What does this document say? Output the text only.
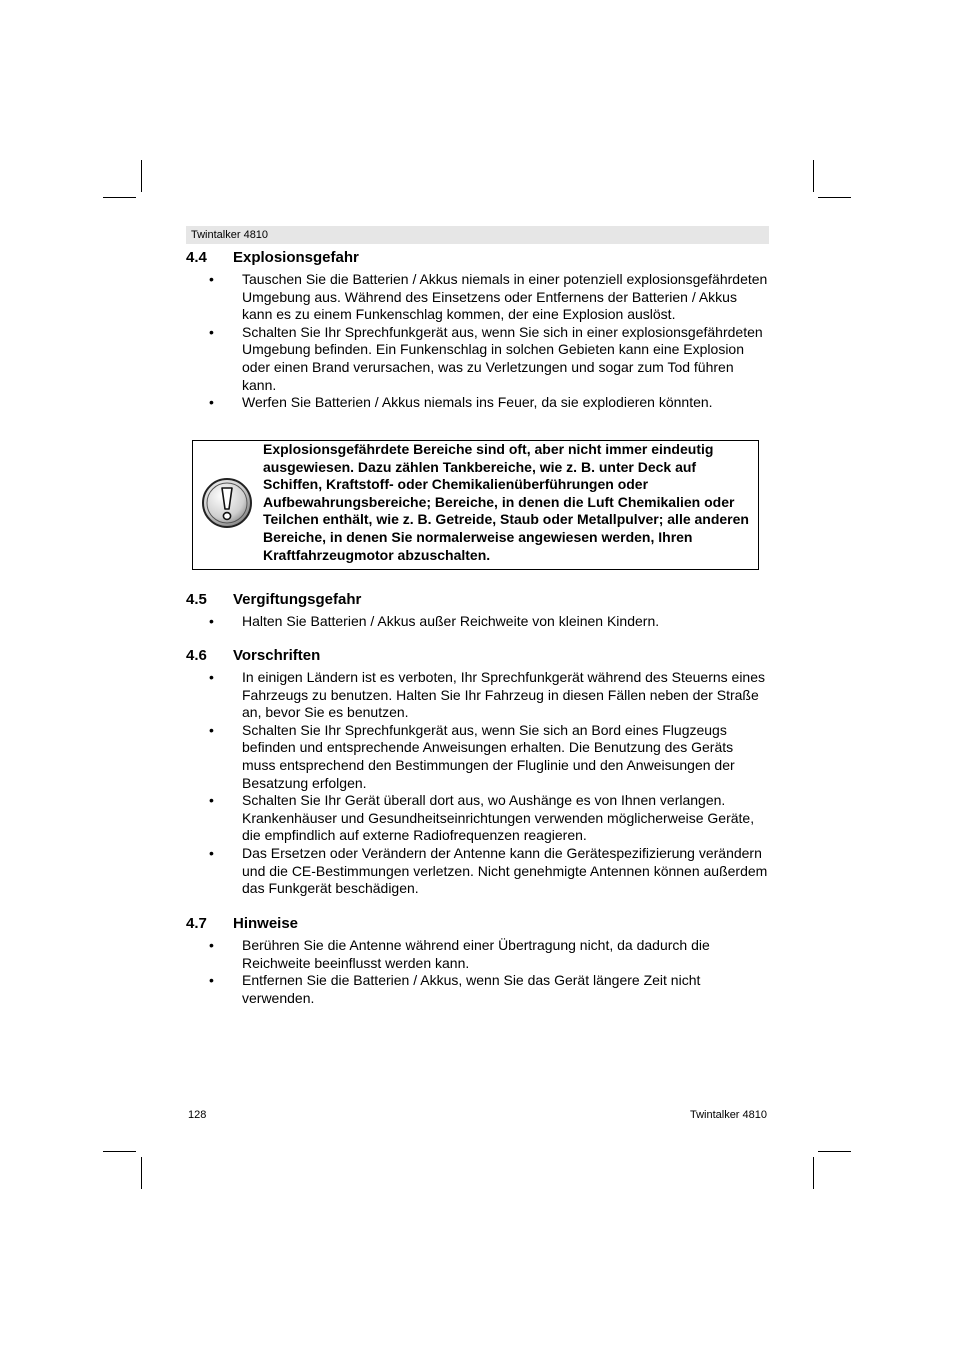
Twintalker 4810
4.4	Explosionsgefahr
• Tauschen Sie die Batterien / Akkus niemals in einer potenziell explosionsgefährdeten Umgebung aus. Während des Einsetzens oder Entfernens der Batterien / Akkus kann es zu einem Funkenschlag kommen, der eine Explosion auslöst.
• Schalten Sie Ihr Sprechfunkgerät aus, wenn Sie sich in einer explosionsgefährdeten Umgebung befinden. Ein Funkenschlag in solchen Gebieten kann eine Explosion oder einen Brand verursachen, was zu Verletzungen und sogar zum Tod führen kann.
• Werfen Sie Batterien / Akkus niemals ins Feuer, da sie explodieren könnten.
Explosionsgefährdete Bereiche sind oft, aber nicht immer eindeutig ausgewiesen. Dazu zählen Tankbereiche, wie z. B. unter Deck auf Schiffen, Kraftstoff- oder Chemikalienüberführungen oder Aufbewahrungsbereiche; Bereiche, in denen die Luft Chemikalien oder Teilchen enthält, wie z. B. Getreide, Staub oder Metallpulver; alle anderen Bereiche, in denen Sie normalerweise angewiesen werden, Ihren Kraftfahrzeugmotor abzuschalten.
4.5	Vergiftungsgefahr
• Halten Sie Batterien / Akkus außer Reichweite von kleinen Kindern.
4.6	Vorschriften
• In einigen Ländern ist es verboten, Ihr Sprechfunkgerät während des Steuerns eines Fahrzeugs zu benutzen. Halten Sie Ihr Fahrzeug in diesen Fällen neben der Straße an, bevor Sie es benutzen.
• Schalten Sie Ihr Sprechfunkgerät aus, wenn Sie sich an Bord eines Flugzeugs befinden und entsprechende Anweisungen erhalten. Die Benutzung des Geräts muss entsprechend den Bestimmungen der Fluglinie und den Anweisungen der Besatzung erfolgen.
• Schalten Sie Ihr Gerät überall dort aus, wo Aushänge es von Ihnen verlangen. Krankenhäuser und Gesundheitseinrichtungen verwenden möglicherweise Geräte, die empfindlich auf externe Radiofrequenzen reagieren.
• Das Ersetzen oder Verändern der Antenne kann die Gerätespezifizierung verändern und die CE-Bestimmungen verletzen. Nicht genehmigte Antennen können außerdem das Funkgerät beschädigen.
4.7	Hinweise
• Berühren Sie die Antenne während einer Übertragung nicht, da dadurch die Reichweite beeinflusst werden kann.
• Entfernen Sie die Batterien / Akkus, wenn Sie das Gerät längere Zeit nicht verwenden.
128	Twintalker 4810
